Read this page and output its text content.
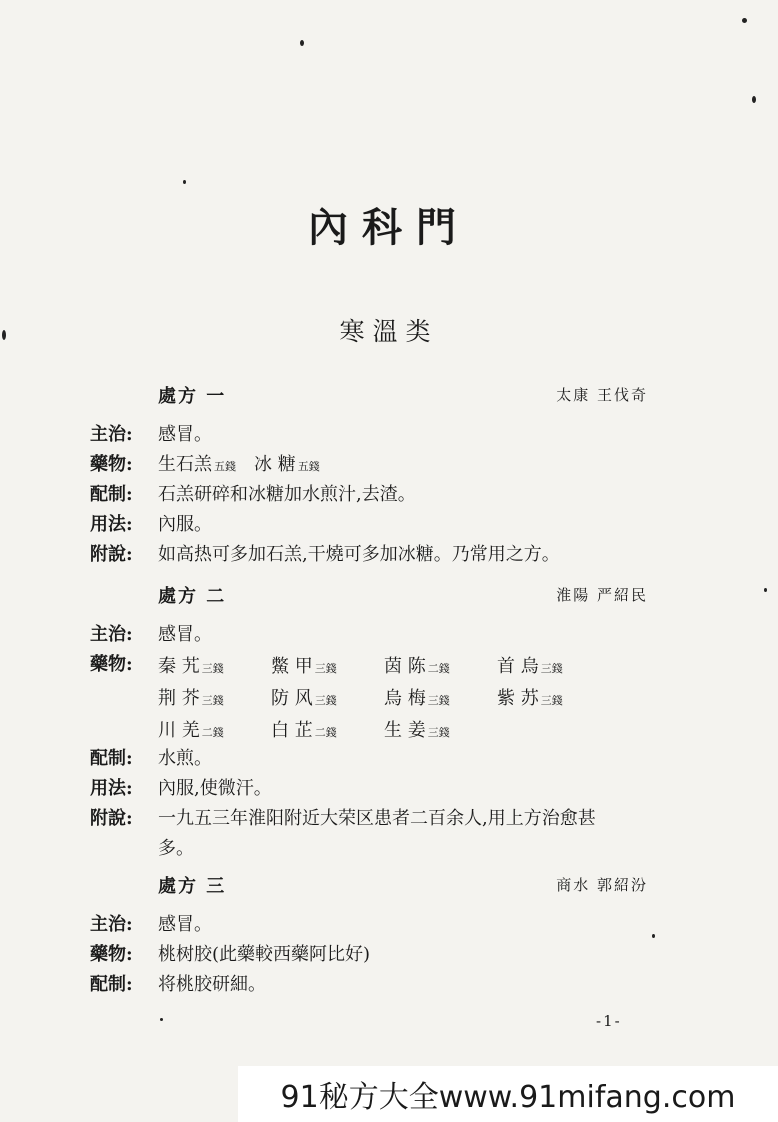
內科門
寒溫类
處方 一	太康 王伐奇
主治: 感冒。
藥物: 生石羔 五錢 冰 糖 五錢
配制: 石羔研碎和冰糖加水煎汁,去渣。
用法: 內服。
附說: 如高热可多加石羔,干燒可多加冰糖。乃常用之方。
處方 二	淮陽 严紹民
主治: 感冒。
藥物:	秦 艽 三錢	鱉 甲 三錢	茵 陈 二錢	首 烏 三錢
荆 芥 三錢	防 风 三錢	烏 梅 三錢	紫 苏 三錢
川 羌 二錢	白 芷 二錢	生 姜 三錢
配制: 水煎。
用法: 內服,使微汗。
附說: 一九五三年淮阳附近大荣区患者二百余人,用上方治愈甚
多。
處方 三	商水 郭紹汾
主治: 感冒。
藥物: 桃树胶(此藥較西藥阿比好)
配制: 将桃胶研細。
-1-
91秘方大全www.91mifang.com
